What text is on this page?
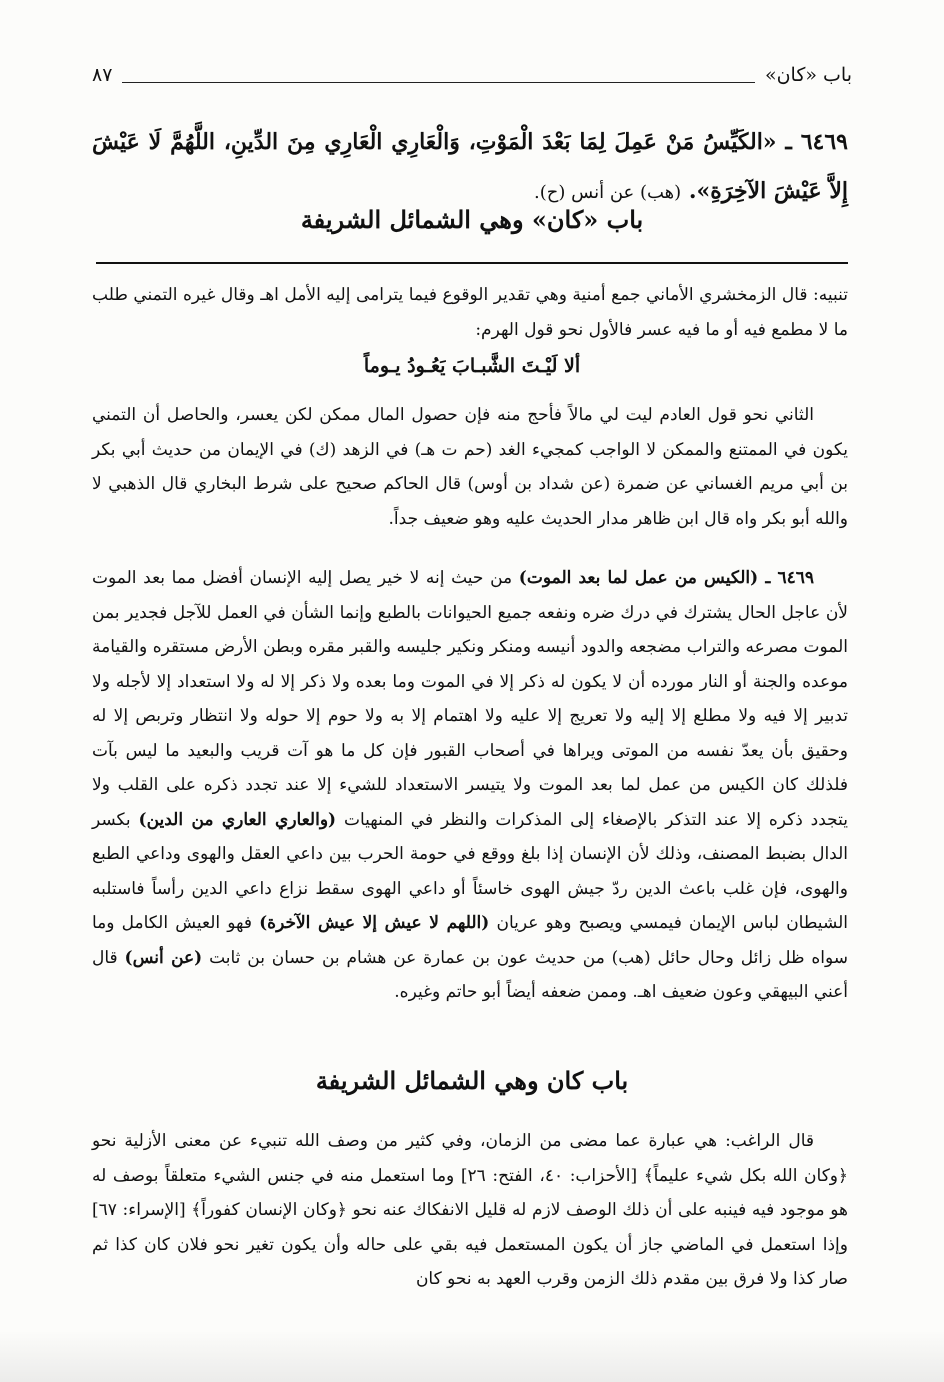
باب «كان»
٨٧
٦٤٦٩ ـ «الكَيِّسُ مَنْ عَمِلَ لِمَا بَعْدَ الْمَوْتِ، وَالْعَارِي الْعَارِي مِنَ الدِّينِ، اللَّهُمَّ لَا عَيْشَ إِلاَّ عَيْشَ الآخِرَةِ». (هب) عن أنس (ح).
باب «كان» وهي الشمائل الشريفة
تنبيه: قال الزمخشري الأماني جمع أمنية وهي تقدير الوقوع فيما يترامى إليه الأمل اهـ وقال غيره التمني طلب ما لا مطمع فيه أو ما فيه عسر فالأول نحو قول الهرم:
ألا لَيْـتَ الشَّبـابَ يَعُـودُ يـوماً
الثاني نحو قول العادم ليت لي مالاً فأحج منه فإن حصول المال ممكن لكن يعسر، والحاصل أن التمني يكون في الممتنع والممكن لا الواجب كمجيء الغد (حم ت هـ) في الزهد (ك) في الإيمان من حديث أبي بكر بن أبي مريم الغساني عن ضمرة (عن شداد بن أوس) قال الحاكم صحيح على شرط البخاري قال الذهبي لا والله أبو بكر واه قال ابن ظاهر مدار الحديث عليه وهو ضعيف جداً.
٦٤٦٩ ـ (الكيس من عمل لما بعد الموت) من حيث إنه لا خير يصل إليه الإنسان أفضل مما بعد الموت لأن عاجل الحال يشترك في درك ضره ونفعه جميع الحيوانات بالطبع وإنما الشأن في العمل للآجل فجدير بمن الموت مصرعه والتراب مضجعه والدود أنيسه ومنكر ونكير جليسه والقبر مقره وبطن الأرض مستقره والقيامة موعده والجنة أو النار مورده أن لا يكون له ذكر إلا في الموت وما بعده ولا ذكر إلا له ولا استعداد إلا لأجله ولا تدبير إلا فيه ولا مطلع إلا إليه ولا تعريج إلا عليه ولا اهتمام إلا به ولا حوم إلا حوله ولا انتظار وتربص إلا له وحقيق بأن يعدّ نفسه من الموتى ويراها في أصحاب القبور فإن كل ما هو آت قريب والبعيد ما ليس بآت فلذلك كان الكيس من عمل لما بعد الموت ولا يتيسر الاستعداد للشيء إلا عند تجدد ذكره على القلب ولا يتجدد ذكره إلا عند التذكر بالإصغاء إلى المذكرات والنظر في المنهيات (والعاري العاري من الدين) بكسر الدال بضبط المصنف، وذلك لأن الإنسان إذا بلغ ووقع في حومة الحرب بين داعي العقل والهوى وداعي الطبع والهوى، فإن غلب باعث الدين ردّ جيش الهوى خاسئاً أو داعي الهوى سقط نزاع داعي الدين رأساً فاستلبه الشيطان لباس الإيمان فيمسي ويصبح وهو عريان (اللهم لا عيش إلا عيش الآخرة) فهو العيش الكامل وما سواه ظل زائل وحال حائل (هب) من حديث عون بن عمارة عن هشام بن حسان بن ثابت (عن أنس) قال أعني البيهقي وعون ضعيف اهـ. وممن ضعفه أيضاً أبو حاتم وغيره.
باب كان وهي الشمائل الشريفة
قال الراغب: هي عبارة عما مضى من الزمان، وفي كثير من وصف الله تنبيء عن معنى الأزلية نحو ﴿وكان الله بكل شيء عليماً﴾ [الأحزاب: ٤٠، الفتح: ٢٦] وما استعمل منه في جنس الشيء متعلقاً بوصف له هو موجود فيه فينبه على أن ذلك الوصف لازم له قليل الانفكاك عنه نحو ﴿وكان الإنسان كفوراً﴾ [الإسراء: ٦٧] وإذا استعمل في الماضي جاز أن يكون المستعمل فيه بقي على حاله وأن يكون تغير نحو فلان كان كذا ثم صار كذا ولا فرق بين مقدم ذلك الزمن وقرب العهد به نحو كان
